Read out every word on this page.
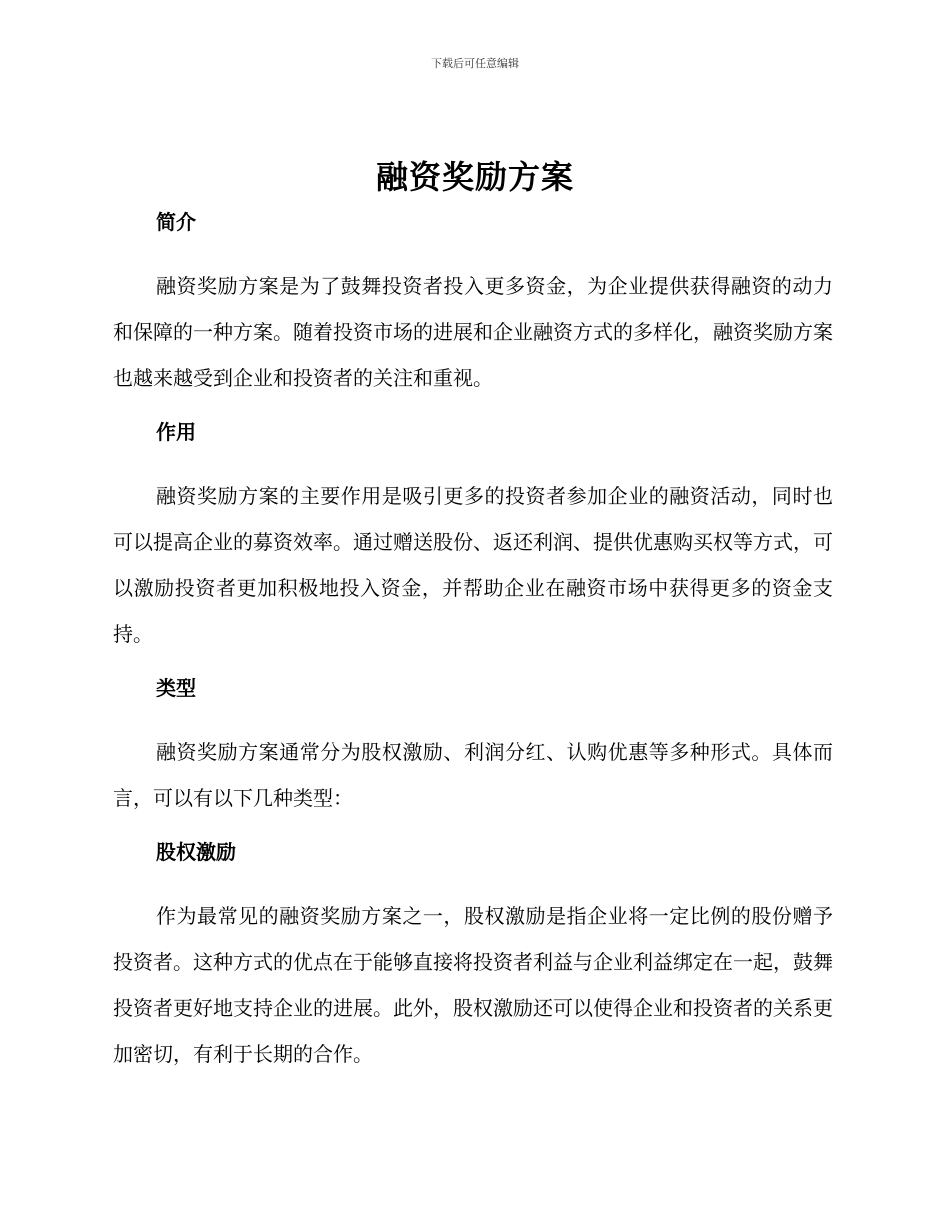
下载后可任意编辑
融资奖励方案
简介

融资奖励方案是为了鼓舞投资者投入更多资金，为企业提供获得融资的动力和保障的一种方案。随着投资市场的进展和企业融资方式的多样化，融资奖励方案也越来越受到企业和投资者的关注和重视。

作用

融资奖励方案的主要作用是吸引更多的投资者参加企业的融资活动，同时也可以提高企业的募资效率。通过赠送股份、返还利润、提供优惠购买权等方式，可以激励投资者更加积极地投入资金，并帮助企业在融资市场中获得更多的资金支持。

类型

融资奖励方案通常分为股权激励、利润分红、认购优惠等多种形式。具体而言，可以有以下几种类型：

股权激励

作为最常见的融资奖励方案之一，股权激励是指企业将一定比例的股份赠予投资者。这种方式的优点在于能够直接将投资者利益与企业利益绑定在一起，鼓舞投资者更好地支持企业的进展。此外，股权激励还可以使得企业和投资者的关系更加密切，有利于长期的合作。
